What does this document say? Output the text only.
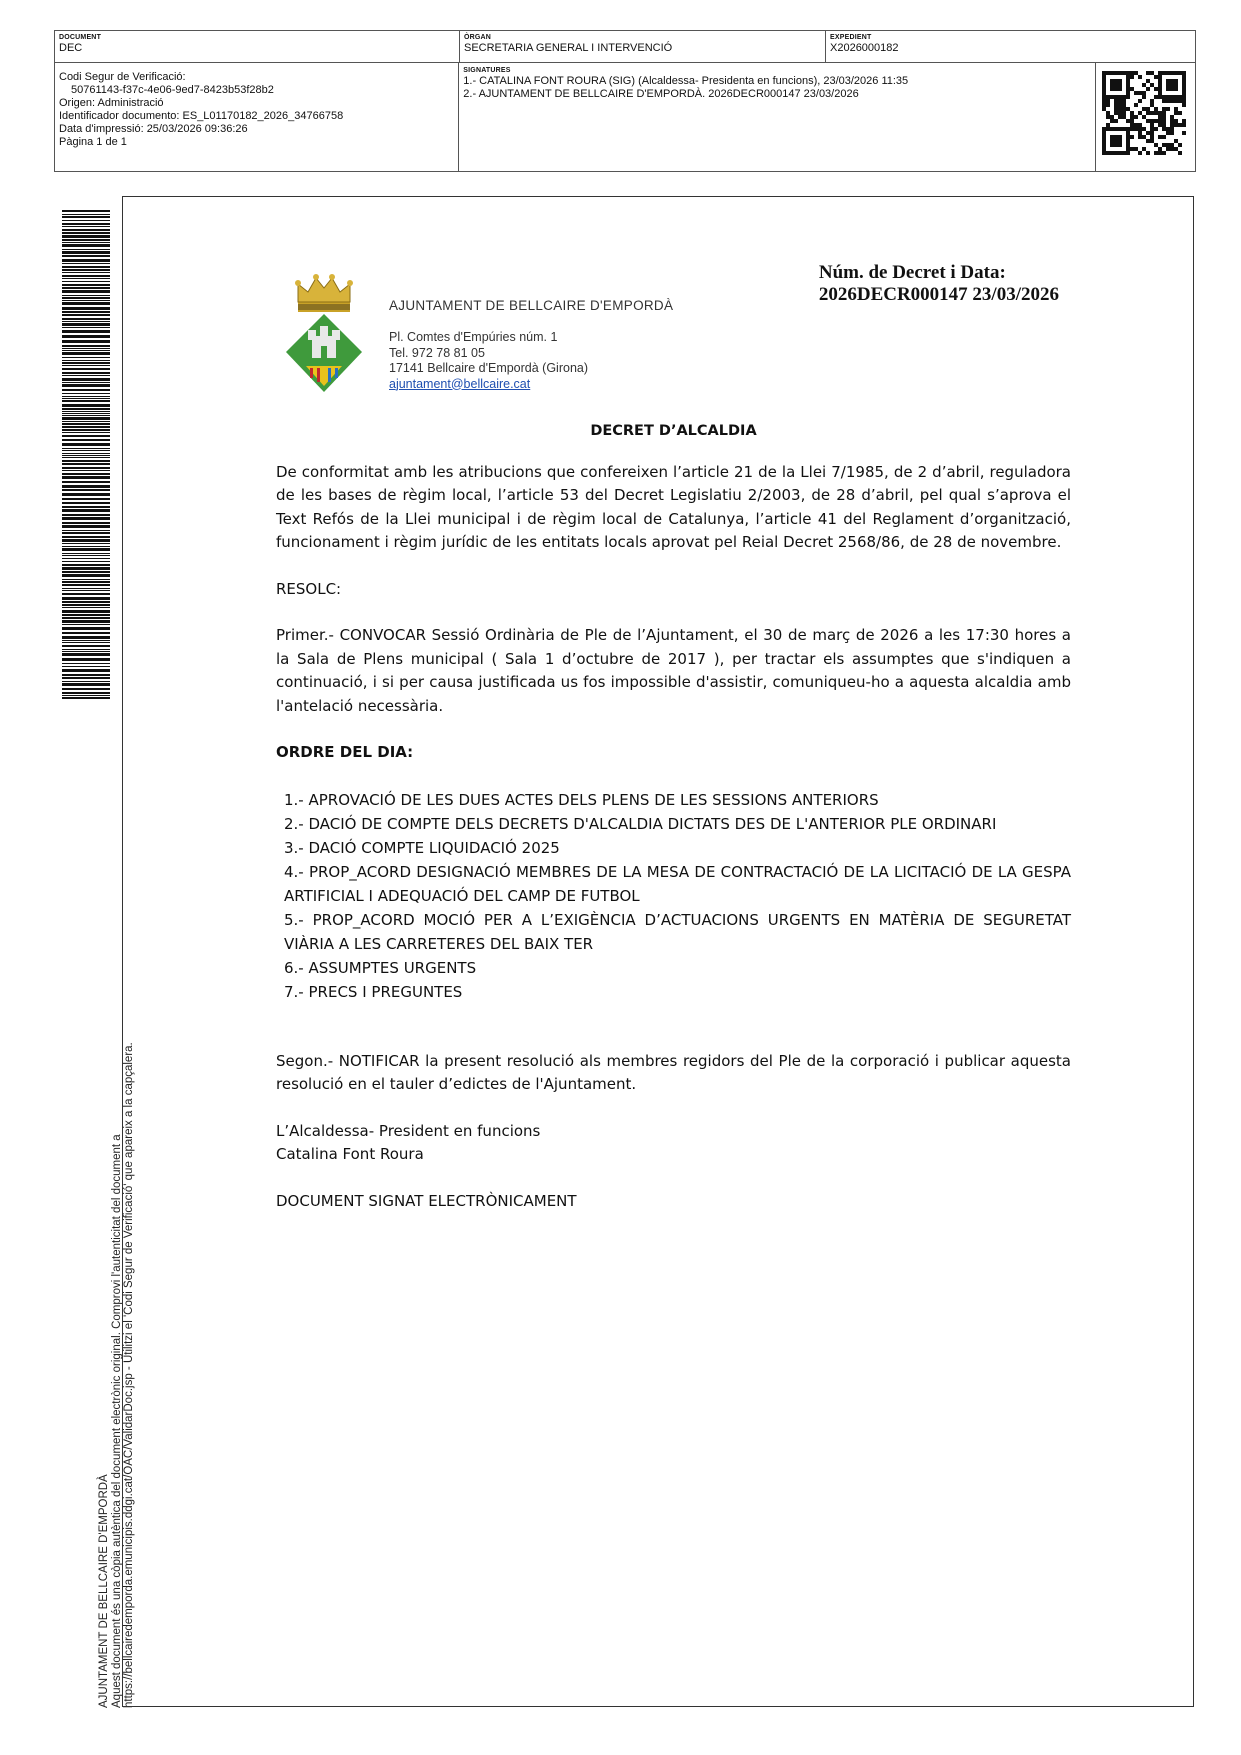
DOCUMENT
DEC
ÒRGAN
SECRETARIA GENERAL I INTERVENCIÓ
EXPEDIENT
X2026000182
Codi Segur de Verificació:
50761143-f37c-4e06-9ed7-8423b53f28b2
Origen: Administració
Identificador documento: ES_L01170182_2026_34766758
Data d'impressió: 25/03/2026 09:36:26
Pàgina 1 de 1
SIGNATURES
1.- CATALINA FONT ROURA (SIG) (Alcaldessa- Presidenta en funcions), 23/03/2026 11:35
2.- AJUNTAMENT DE BELLCAIRE D'EMPORDÀ. 2026DECR000147 23/03/2026
AJUNTAMENT DE BELLCAIRE D'EMPORDÀ Aquest document és una còpia autèntica del document electrònic original. Comprovi l'autenticitat del document a https://bellcairedemporda.emunicipis.ddgi.cat/OAC/ValidarDoc.jsp - Utilitzi el 'Codi Segur de Verificació' que apareix a la capçalera.
Núm. de Decret i Data:
2026DECR000147 23/03/2026
AJUNTAMENT DE BELLCAIRE D'EMPORDÀ
Pl. Comtes d'Empúries núm. 1
Tel. 972 78 81 05
17141 Bellcaire d'Empordà (Girona)
ajuntament@bellcaire.cat

DECRET D’ALCALDIA

De conformitat amb les atribucions que confereixen l’article 21 de la Llei 7/1985, de 2 d’abril, reguladora de les bases de règim local, l’article 53 del Decret Legislatiu 2/2003, de 28 d’abril, pel qual s’aprova el Text Refós de la Llei municipal i de règim local de Catalunya, l’article 41 del Reglament d’organització, funcionament i règim jurídic de les entitats locals aprovat pel Reial Decret 2568/86, de 28 de novembre.

RESOLC:

Primer.- CONVOCAR Sessió Ordinària de Ple de l’Ajuntament, el 30 de març de 2026 a les 17:30 hores a la Sala de Plens municipal ( Sala 1 d’octubre de 2017 ), per tractar els assumptes que s'indiquen a continuació, i si per causa justificada us fos impossible d'assistir, comuniqueu-ho a aquesta alcaldia amb l'antelació necessària.

ORDRE DEL DIA:

1.- APROVACIÓ DE LES DUES ACTES DELS PLENS DE LES SESSIONS ANTERIORS
2.- DACIÓ DE COMPTE DELS DECRETS D'ALCALDIA DICTATS DES DE L'ANTERIOR PLE ORDINARI
3.- DACIÓ COMPTE LIQUIDACIÓ 2025
4.- PROP_ACORD DESIGNACIÓ MEMBRES DE LA MESA DE CONTRACTACIÓ DE LA LICITACIÓ DE LA GESPA ARTIFICIAL I ADEQUACIÓ DEL CAMP DE FUTBOL
5.- PROP_ACORD MOCIÓ PER A L’EXIGÈNCIA D’ACTUACIONS URGENTS EN MATÈRIA DE SEGURETAT VIÀRIA A LES CARRETERES DEL BAIX TER
6.- ASSUMPTES URGENTS
7.- PRECS I PREGUNTES

Segon.- NOTIFICAR la present resolució als membres regidors del Ple de la corporació i publicar aquesta resolució en el tauler d’edictes de l'Ajuntament.

L’Alcaldessa- President en funcions

Catalina Font Roura

DOCUMENT SIGNAT ELECTRÒNICAMENT
